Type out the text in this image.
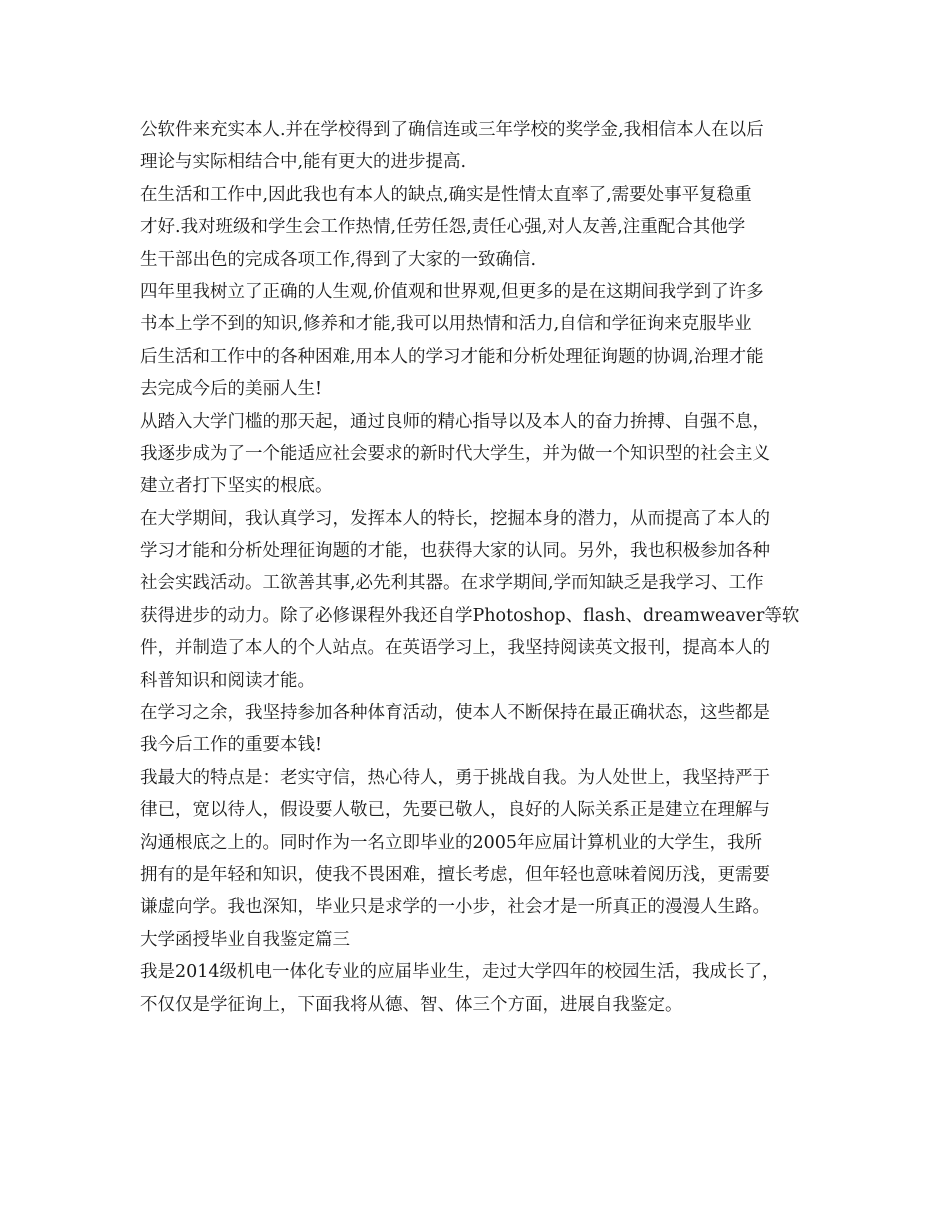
公软件来充实本人.并在学校得到了确信连或三年学校的奖学金,我相信本人在以后
理论与实际相结合中,能有更大的进步提高.
在生活和工作中,因此我也有本人的缺点,确实是性情太直率了,需要处事平复稳重
才好.我对班级和学生会工作热情,任劳任怨,责任心强,对人友善,注重配合其他学
生干部出色的完成各项工作,得到了大家的一致确信.
四年里我树立了正确的人生观,价值观和世界观,但更多的是在这期间我学到了许多
书本上学不到的知识,修养和才能,我可以用热情和活力,自信和学征询来克服毕业
后生活和工作中的各种困难,用本人的学习才能和分析处理征询题的协调,治理才能
去完成今后的美丽人生!
从踏入大学门槛的那天起，通过良师的精心指导以及本人的奋力拚搏、自强不息，
我逐步成为了一个能适应社会要求的新时代大学生，并为做一个知识型的社会主义
建立者打下坚实的根底。
在大学期间，我认真学习，发挥本人的特长，挖掘本身的潜力，从而提高了本人的
学习才能和分析处理征询题的才能，也获得大家的认同。另外，我也积极参加各种
社会实践活动。工欲善其事,必先利其器。在求学期间,学而知缺乏是我学习、工作
获得进步的动力。除了必修课程外我还自学Photoshop、flash、dreamweaver等软
件，并制造了本人的个人站点。在英语学习上，我坚持阅读英文报刊，提高本人的
科普知识和阅读才能。
在学习之余，我坚持参加各种体育活动，使本人不断保持在最正确状态，这些都是
我今后工作的重要本钱!
我最大的特点是：老实守信，热心待人，勇于挑战自我。为人处世上，我坚持严于
律已，宽以待人，假设要人敬已，先要已敬人，良好的人际关系正是建立在理解与
沟通根底之上的。同时作为一名立即毕业的2005年应届计算机业的大学生，我所
拥有的是年轻和知识，使我不畏困难，擅长考虑，但年轻也意味着阅历浅，更需要
谦虚向学。我也深知，毕业只是求学的一小步，社会才是一所真正的漫漫人生路。
大学函授毕业自我鉴定篇三
我是2014级机电一体化专业的应届毕业生，走过大学四年的校园生活，我成长了，
不仅仅是学征询上，下面我将从德、智、体三个方面，进展自我鉴定。
